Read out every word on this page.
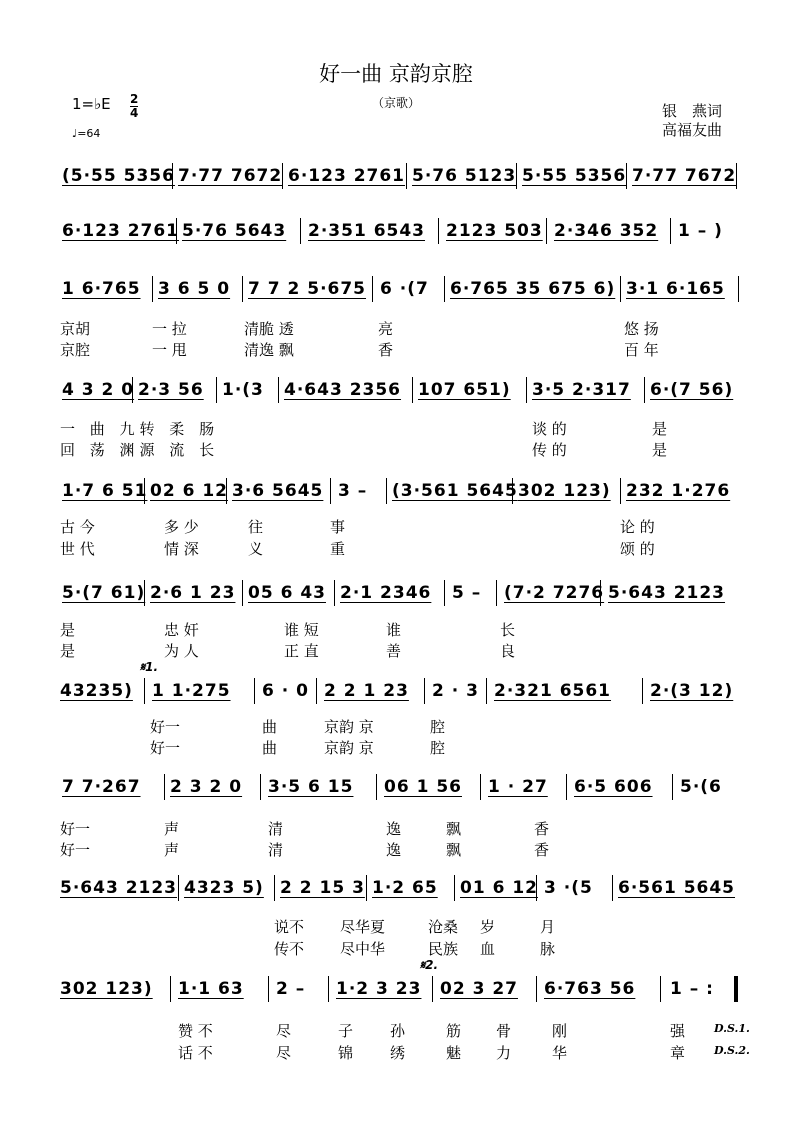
好一曲 京韵京腔
（京歌）
1=♭E $\frac{2}{4}$
♩=64
银　燕词
高福友曲
(5·55 5356 7·77 7672 6·123 2761 5·76 5123 5·55 5356 7·77 7672
6·123 2761 5·76 5643 2·351 6543 2123 503 2·346 352 1 – )
1 6·765 3 6 5 0 7 7 2 5·675 6 ·(7 6·765 35 675 6) 3·1 6·165
京胡	一 拉	清脆 透	亮	悠 扬
京腔	一 甩	清逸 飘	香	百 年
4 3 2 0 2·3 56 1·(3 4·643 2356 107 651) 3·5 2·317 6·(7 56)
一 曲 九转 柔 肠	谈 的	是
回 荡 渊源 流 长	传 的	是
1·7 6 51 02 6 12 3·6 5645 3 – (3·561 5645 302 123) 232 1·276
古 今	多 少	往	事	论 的
世 代	情 深	义	重	颂 的
5·(7 61) 2·6 1 23 05 6 43 2·1 2346 5 – (7·2 7276 5·643 2123
是	忠 奸	谁 短	谁	长
是	为 人	正 直	善	良
𝄋1.
43235) 1 1·275 6 · 0 2 2 1 23 2 · 3 2·321 6561 2·(3 12)
好一	曲	京韵 京	腔
好一	曲	京韵 京	腔
7 7·267 2 3 2 0 3·5 6 15 06 1 56 1 · 27 6·5 606 5·(6
好一	声	清	逸	飘	香
好一	声	清	逸	飘	香
5·643 2123 4323 5) 2 2 15 3 1·2 65 01 6 12 3 ·(5 6·561 5645
说不 尽华夏	沧桑 岁	月
传不 尽中华	民族 血	脉
𝄋2.
302 123) 1·1 63 2 – 1·2 3 23 02 3 27 6·763 56 1 – :
赞 不	尽	子 孙	筋 骨	刚	强
话 不	尽	锦 绣	魅 力	华	章
D.S.1.
D.S.2.
